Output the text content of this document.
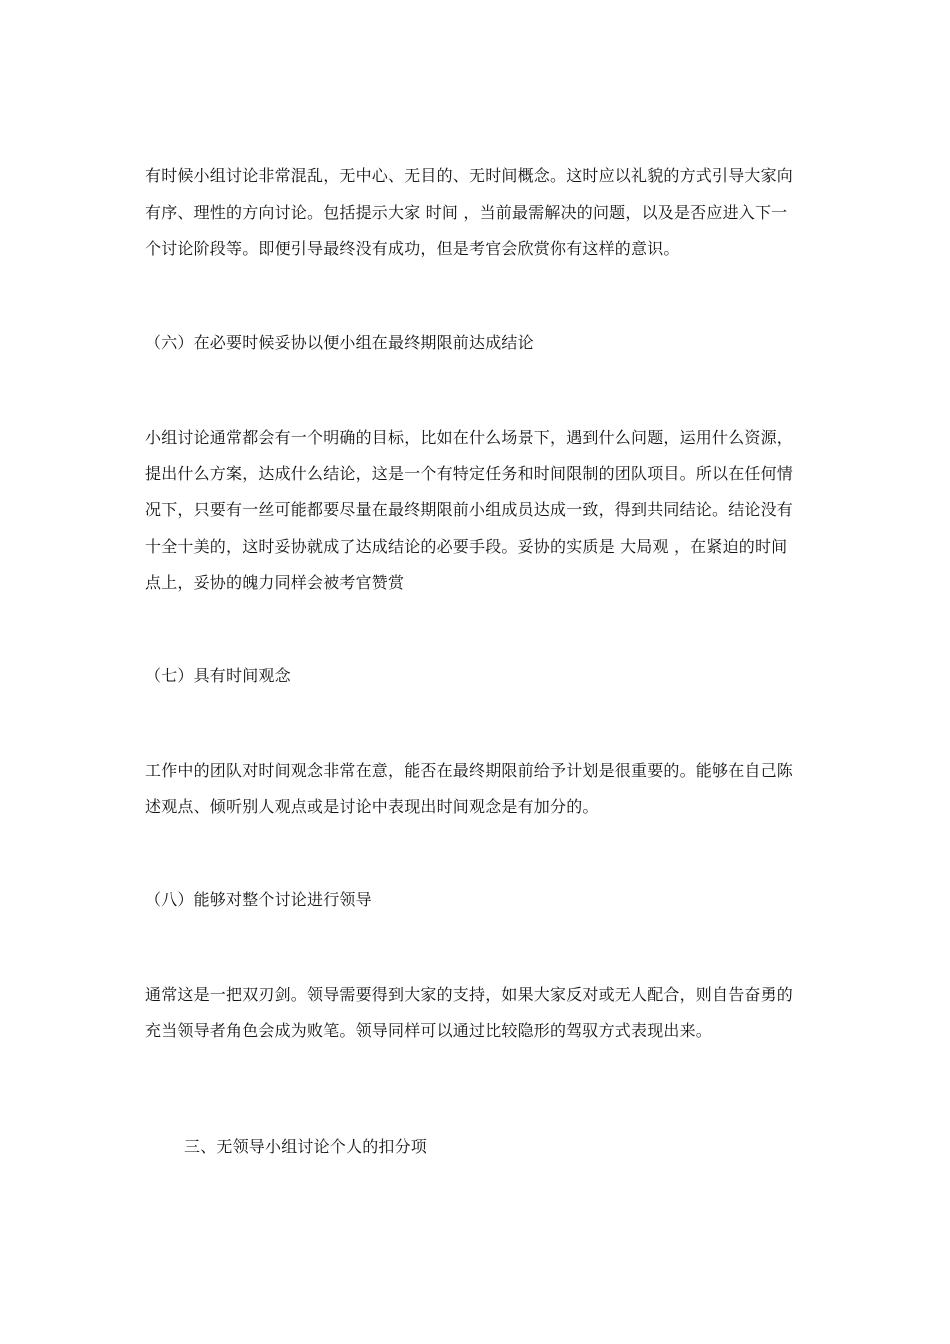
有时候小组讨论非常混乱，无中心、无目的、无时间概念。这时应以礼貌的方式引导大家向
有序、理性的方向讨论。包括提示大家 时间 ，当前最需解决的问题，以及是否应进入下一
个讨论阶段等。即便引导最终没有成功，但是考官会欣赏你有这样的意识。
（六）在必要时候妥协以便小组在最终期限前达成结论
小组讨论通常都会有一个明确的目标，比如在什么场景下，遇到什么问题，运用什么资源，
提出什么方案，达成什么结论，这是一个有特定任务和时间限制的团队项目。所以在任何情
况下，只要有一丝可能都要尽量在最终期限前小组成员达成一致，得到共同结论。结论没有
十全十美的，这时妥协就成了达成结论的必要手段。妥协的实质是 大局观 ，在紧迫的时间
点上，妥协的魄力同样会被考官赞赏
（七）具有时间观念
工作中的团队对时间观念非常在意，能否在最终期限前给予计划是很重要的。能够在自己陈
述观点、倾听别人观点或是讨论中表现出时间观念是有加分的。
（八）能够对整个讨论进行领导
通常这是一把双刃剑。领导需要得到大家的支持，如果大家反对或无人配合，则自告奋勇的
充当领导者角色会成为败笔。领导同样可以通过比较隐形的驾驭方式表现出来。
三、无领导小组讨论个人的扣分项
